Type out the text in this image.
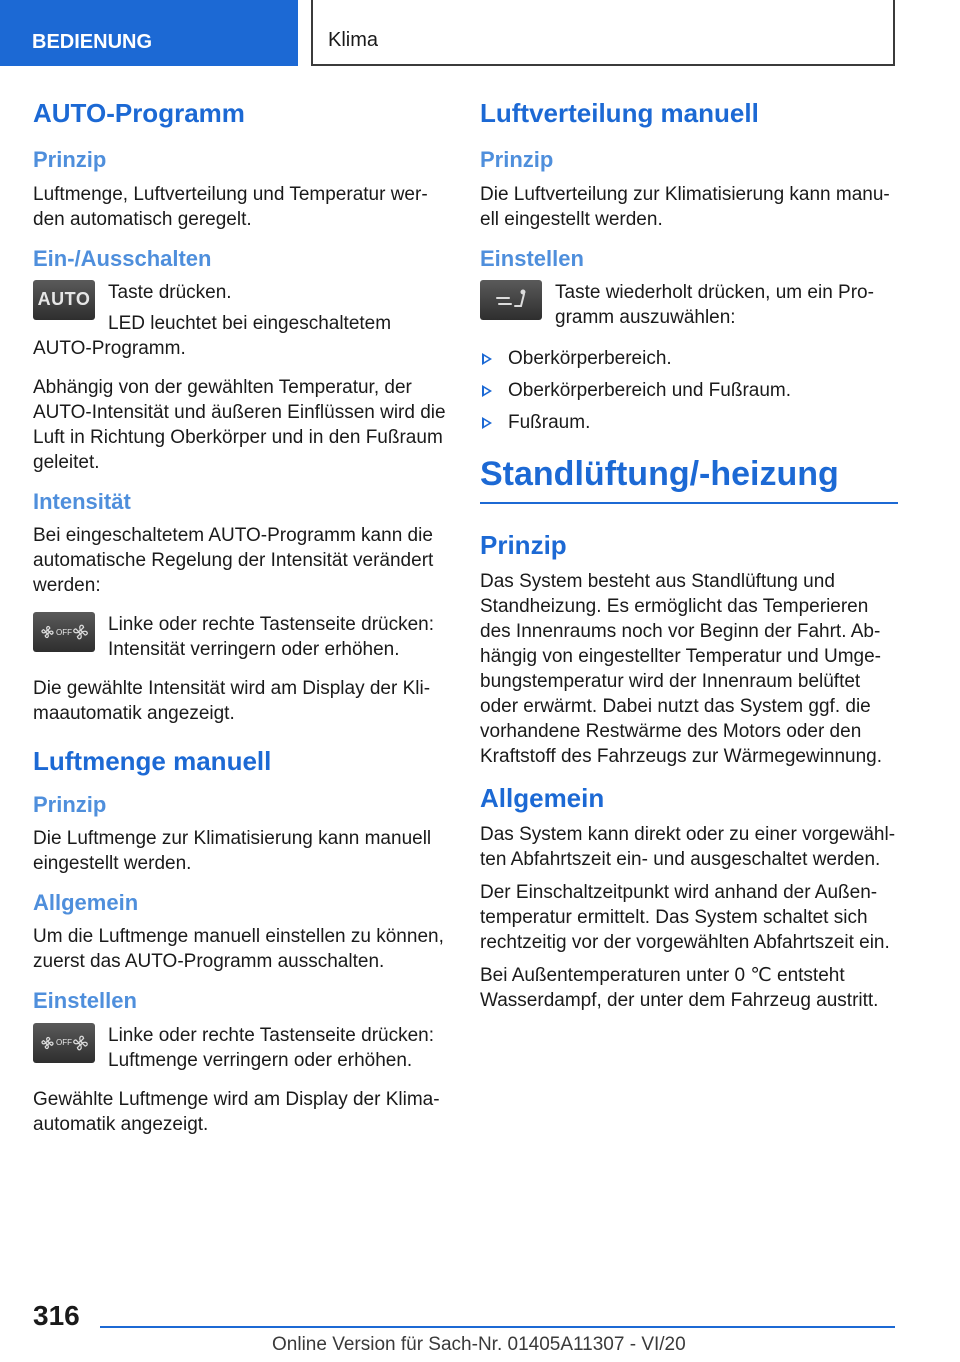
BEDIENUNG	Klima
AUTO-Programm
Prinzip

Luftmenge, Luftverteilung und Temperatur wer-den automatisch geregelt.

Ein-/Ausschalten
AUTO Taste drücken.

LED leuchtet bei eingeschaltetem

AUTO-Programm.

Abhängig von der gewählten Temperatur, der AUTO-Intensität und äußeren Einflüssen wird die Luft in Richtung Oberkörper und in den Fußraum geleitet.

Intensität

Bei eingeschaltetem AUTO-Programm kann die automatische Regelung der Intensität verändert werden:

OFF Linke oder rechte Tastenseite drücken: Intensität verringern oder erhöhen.

Die gewählte Intensität wird am Display der Kli-maautomatik angezeigt.

Luftmenge manuell
Prinzip

Die Luftmenge zur Klimatisierung kann manuell eingestellt werden.

Allgemein

Um die Luftmenge manuell einstellen zu können, zuerst das AUTO-Programm ausschalten.

Einstellen
OFF Linke oder rechte Tastenseite drücken: Luftmenge verringern oder erhöhen.

Gewählte Luftmenge wird am Display der Klima-automatik angezeigt.

Luftverteilung manuell
Prinzip

Die Luftverteilung zur Klimatisierung kann manu-ell eingestellt werden.

Einstellen

Taste wiederholt drücken, um ein Pro-gramm auszuwählen:

Oberkörperbereich.
Oberkörperbereich und Fußraum.
Fußraum.
Standlüftung/-heizung
Prinzip

Das System besteht aus Standlüftung und Standheizung. Es ermöglicht das Temperieren des Innenraums noch vor Beginn der Fahrt. Ab-hängig von eingestellter Temperatur und Umge-bungstemperatur wird der Innenraum belüftet oder erwärmt. Dabei nutzt das System ggf. die vorhandene Restwärme des Motors oder den Kraftstoff des Fahrzeugs zur Wärmegewinnung.

Allgemein

Das System kann direkt oder zu einer vorgewähl-ten Abfahrtszeit ein- und ausgeschaltet werden.

Der Einschaltzeitpunkt wird anhand der Außen-temperatur ermittelt. Das System schaltet sich rechtzeitig vor der vorgewählten Abfahrtszeit ein.

Bei Außentemperaturen unter 0 ℃ entsteht Wasserdampf, der unter dem Fahrzeug austritt.

316
Online Version für Sach-Nr. 01405A11307 - VI/20
